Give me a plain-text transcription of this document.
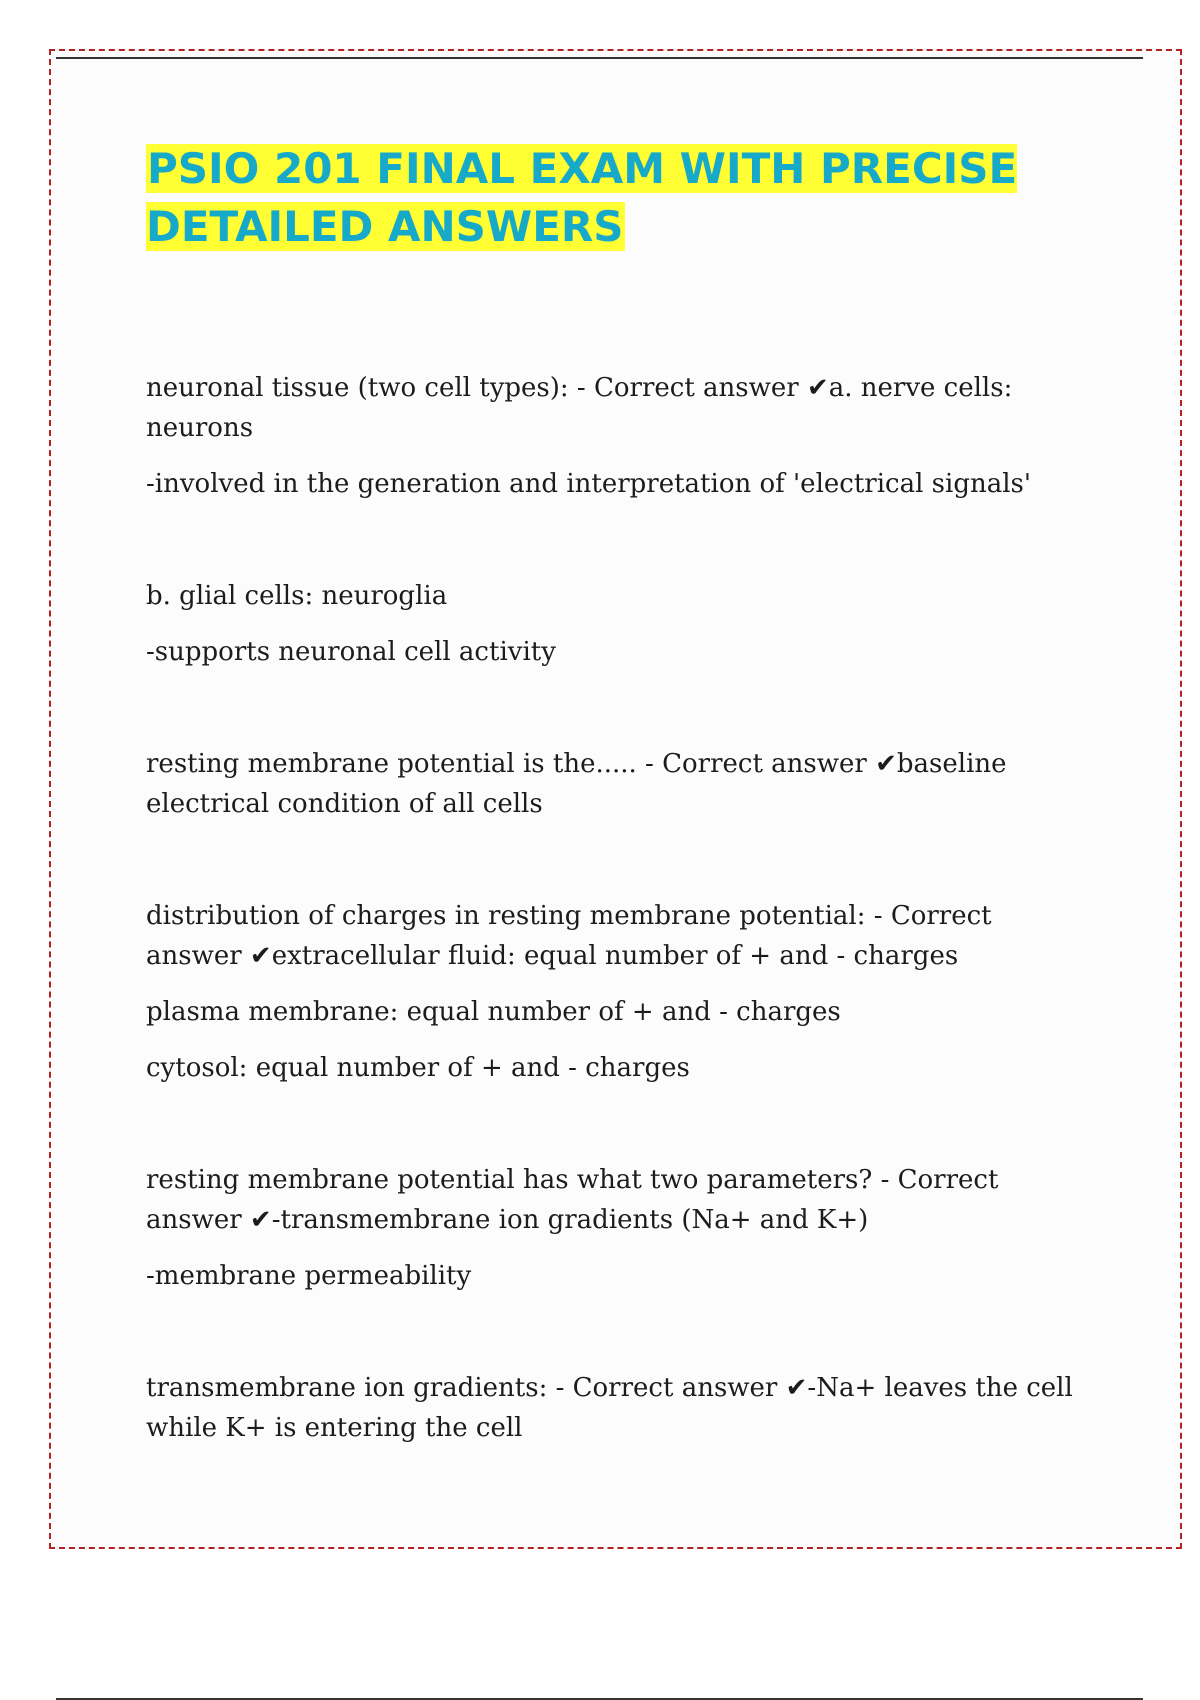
PSIO 201 FINAL EXAM WITH PRECISE DETAILED ANSWERS

neuronal tissue (two cell types): - Correct answer ✔a. nerve cells: neurons

-involved in the generation and interpretation of 'electrical signals'

b. glial cells: neuroglia

-supports neuronal cell activity

resting membrane potential is the..... - Correct answer ✔baseline electrical condition of all cells

distribution of charges in resting membrane potential: - Correct answer ✔extracellular fluid: equal number of + and - charges

plasma membrane: equal number of + and - charges

cytosol: equal number of + and - charges

resting membrane potential has what two parameters? - Correct answer ✔-transmembrane ion gradients (Na+ and K+)

-membrane permeability

transmembrane ion gradients: - Correct answer ✔-Na+ leaves the cell while K+ is entering the cell
